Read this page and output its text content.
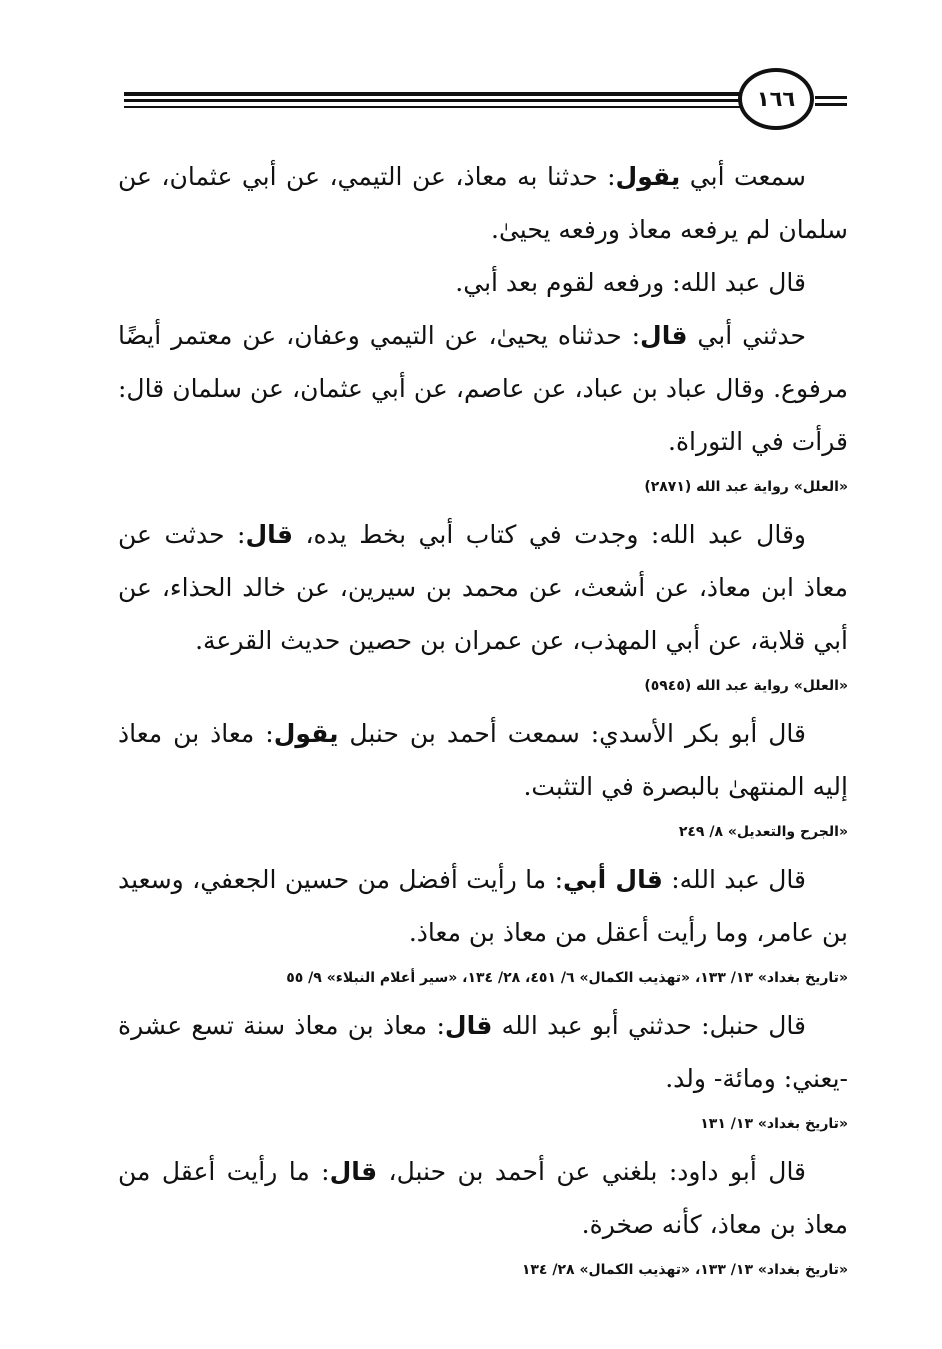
١٦٦

سمعت أبي يقول: حدثنا به معاذ، عن التيمي، عن أبي عثمان، عن سلمان لم يرفعه معاذ ورفعه يحيىٰ.

قال عبد الله: ورفعه لقوم بعد أبي.

حدثني أبي قال: حدثناه يحيىٰ، عن التيمي وعفان، عن معتمر أيضًا مرفوع. وقال عباد بن عباد، عن عاصم، عن أبي عثمان، عن سلمان قال: قرأت في التوراة.

«العلل» رواية عبد الله (٢٨٧١)

وقال عبد الله: وجدت في كتاب أبي بخط يده، قال: حدثت عن معاذ ابن معاذ، عن أشعث، عن محمد بن سيرين، عن خالد الحذاء، عن أبي قلابة، عن أبي المهذب، عن عمران بن حصين حديث القرعة.

«العلل» رواية عبد الله (٥٩٤٥)

قال أبو بكر الأسدي: سمعت أحمد بن حنبل يقول: معاذ بن معاذ إليه المنتهىٰ بالبصرة في التثبت.

«الجرح والتعديل» ٨/ ٢٤٩

قال عبد الله: قال أبي: ما رأيت أفضل من حسين الجعفي، وسعيد بن عامر، وما رأيت أعقل من معاذ بن معاذ.

«تاريخ بغداد» ١٣/ ١٣٣، «تهذيب الكمال» ٦/ ٤٥١، ٢٨/ ١٣٤، «سير أعلام النبلاء» ٩/ ٥٥

قال حنبل: حدثني أبو عبد الله قال: معاذ بن معاذ سنة تسع عشرة -يعني: ومائة- ولد.

«تاريخ بغداد» ١٣/ ١٣١

قال أبو داود: بلغني عن أحمد بن حنبل، قال: ما رأيت أعقل من معاذ بن معاذ، كأنه صخرة.

«تاريخ بغداد» ١٣/ ١٣٣، «تهذيب الكمال» ٢٨/ ١٣٤
